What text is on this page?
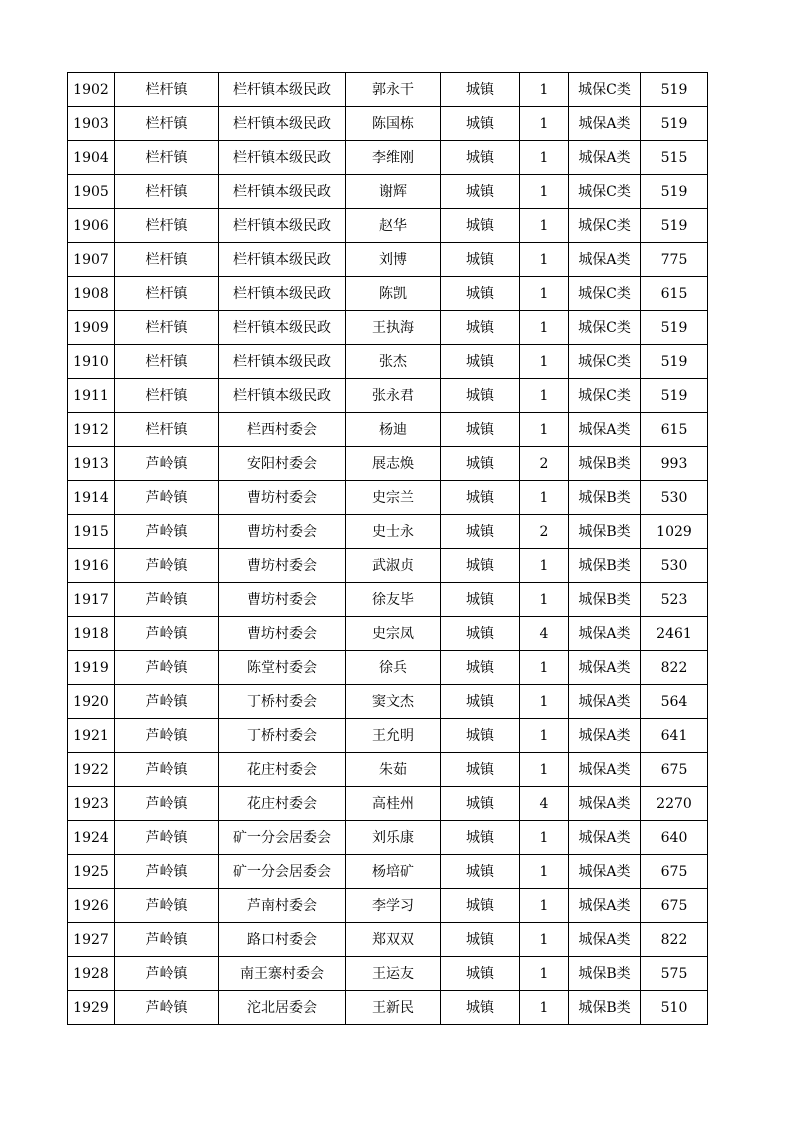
1902	栏杆镇	栏杆镇本级民政	郭永干	城镇	1	城保C类	519
1903	栏杆镇	栏杆镇本级民政	陈国栋	城镇	1	城保A类	519
1904	栏杆镇	栏杆镇本级民政	李维刚	城镇	1	城保A类	515
1905	栏杆镇	栏杆镇本级民政	谢辉	城镇	1	城保C类	519
1906	栏杆镇	栏杆镇本级民政	赵华	城镇	1	城保C类	519
1907	栏杆镇	栏杆镇本级民政	刘博	城镇	1	城保A类	775
1908	栏杆镇	栏杆镇本级民政	陈凯	城镇	1	城保C类	615
1909	栏杆镇	栏杆镇本级民政	王执海	城镇	1	城保C类	519
1910	栏杆镇	栏杆镇本级民政	张杰	城镇	1	城保C类	519
1911	栏杆镇	栏杆镇本级民政	张永君	城镇	1	城保C类	519
1912	栏杆镇	栏西村委会	杨迪	城镇	1	城保A类	615
1913	芦岭镇	安阳村委会	展志焕	城镇	2	城保B类	993
1914	芦岭镇	曹坊村委会	史宗兰	城镇	1	城保B类	530
1915	芦岭镇	曹坊村委会	史士永	城镇	2	城保B类	1029
1916	芦岭镇	曹坊村委会	武淑贞	城镇	1	城保B类	530
1917	芦岭镇	曹坊村委会	徐友毕	城镇	1	城保B类	523
1918	芦岭镇	曹坊村委会	史宗凤	城镇	4	城保A类	2461
1919	芦岭镇	陈堂村委会	徐兵	城镇	1	城保A类	822
1920	芦岭镇	丁桥村委会	窦文杰	城镇	1	城保A类	564
1921	芦岭镇	丁桥村委会	王允明	城镇	1	城保A类	641
1922	芦岭镇	花庄村委会	朱茹	城镇	1	城保A类	675
1923	芦岭镇	花庄村委会	高桂州	城镇	4	城保A类	2270
1924	芦岭镇	矿一分会居委会	刘乐康	城镇	1	城保A类	640
1925	芦岭镇	矿一分会居委会	杨培矿	城镇	1	城保A类	675
1926	芦岭镇	芦南村委会	李学习	城镇	1	城保A类	675
1927	芦岭镇	路口村委会	郑双双	城镇	1	城保A类	822
1928	芦岭镇	南王寨村委会	王运友	城镇	1	城保B类	575
1929	芦岭镇	沱北居委会	王新民	城镇	1	城保B类	510
